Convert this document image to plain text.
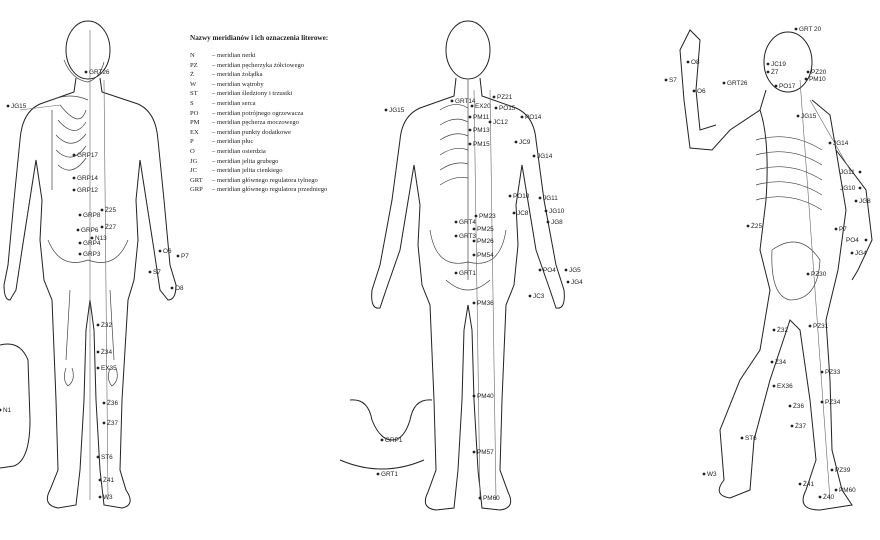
Nazwy meridianów i ich oznaczenia literowe:
N	– meridian nerki
PZ	– meridian pęcherzyka żółciowego
Ż	– meridian żołądka
W	– meridian wątroby
ST	– meridian śledziony i trzustki
S	– meridian serca
PO	– meridian potrójnego ogrzewacza
PM	– meridian pęcherza moczowego
EX	– meridian punkty dodatkowe
P	– meridian płuc
O	– meridian osierdzia
JG	– meridian jelita grubego
JC	– meridian jelita cienkiego
GRT	– meridian głównego regulatora tylnego
GRP	– meridian głównego regulatora przedniego
GRT26
JG15
GRP17
GRP14
GRP12
GRP8
Ż25
GRP6 Ż27
N13
GRP4
GRP3	O6
P7
S7
O8
Ż32
Ż34
EX35
Ż36
Ż37
ST6
Ż41
W3
N1
GRT14
EX20
PZ21
PO15
JG15
PM11
JC12
PO14
PM13
JC9
PM15
JG14
PO10 JG11
JC8	JG10
JG8
PM23
GRT4
PM25
GRT3
PM26
PM54
GRT1	PO4 JG5
JG4
JC3
PM36
PM40
PM57
PM60
GRP1
GRT1
GRT 20
O8
S7
O6
JC19
Ż7	PZ20
PM10
PO17
GRT26
JG15
JG14
JG11
JG10
JG8
Ż25	P7
PO4
JG4
PZ30
Ż32
PZ31
Ż34
EX36
PZ33
Ż36
PZ34
Ż37
ST6
PZ39
W3
Ż41
PM60
Ż40
